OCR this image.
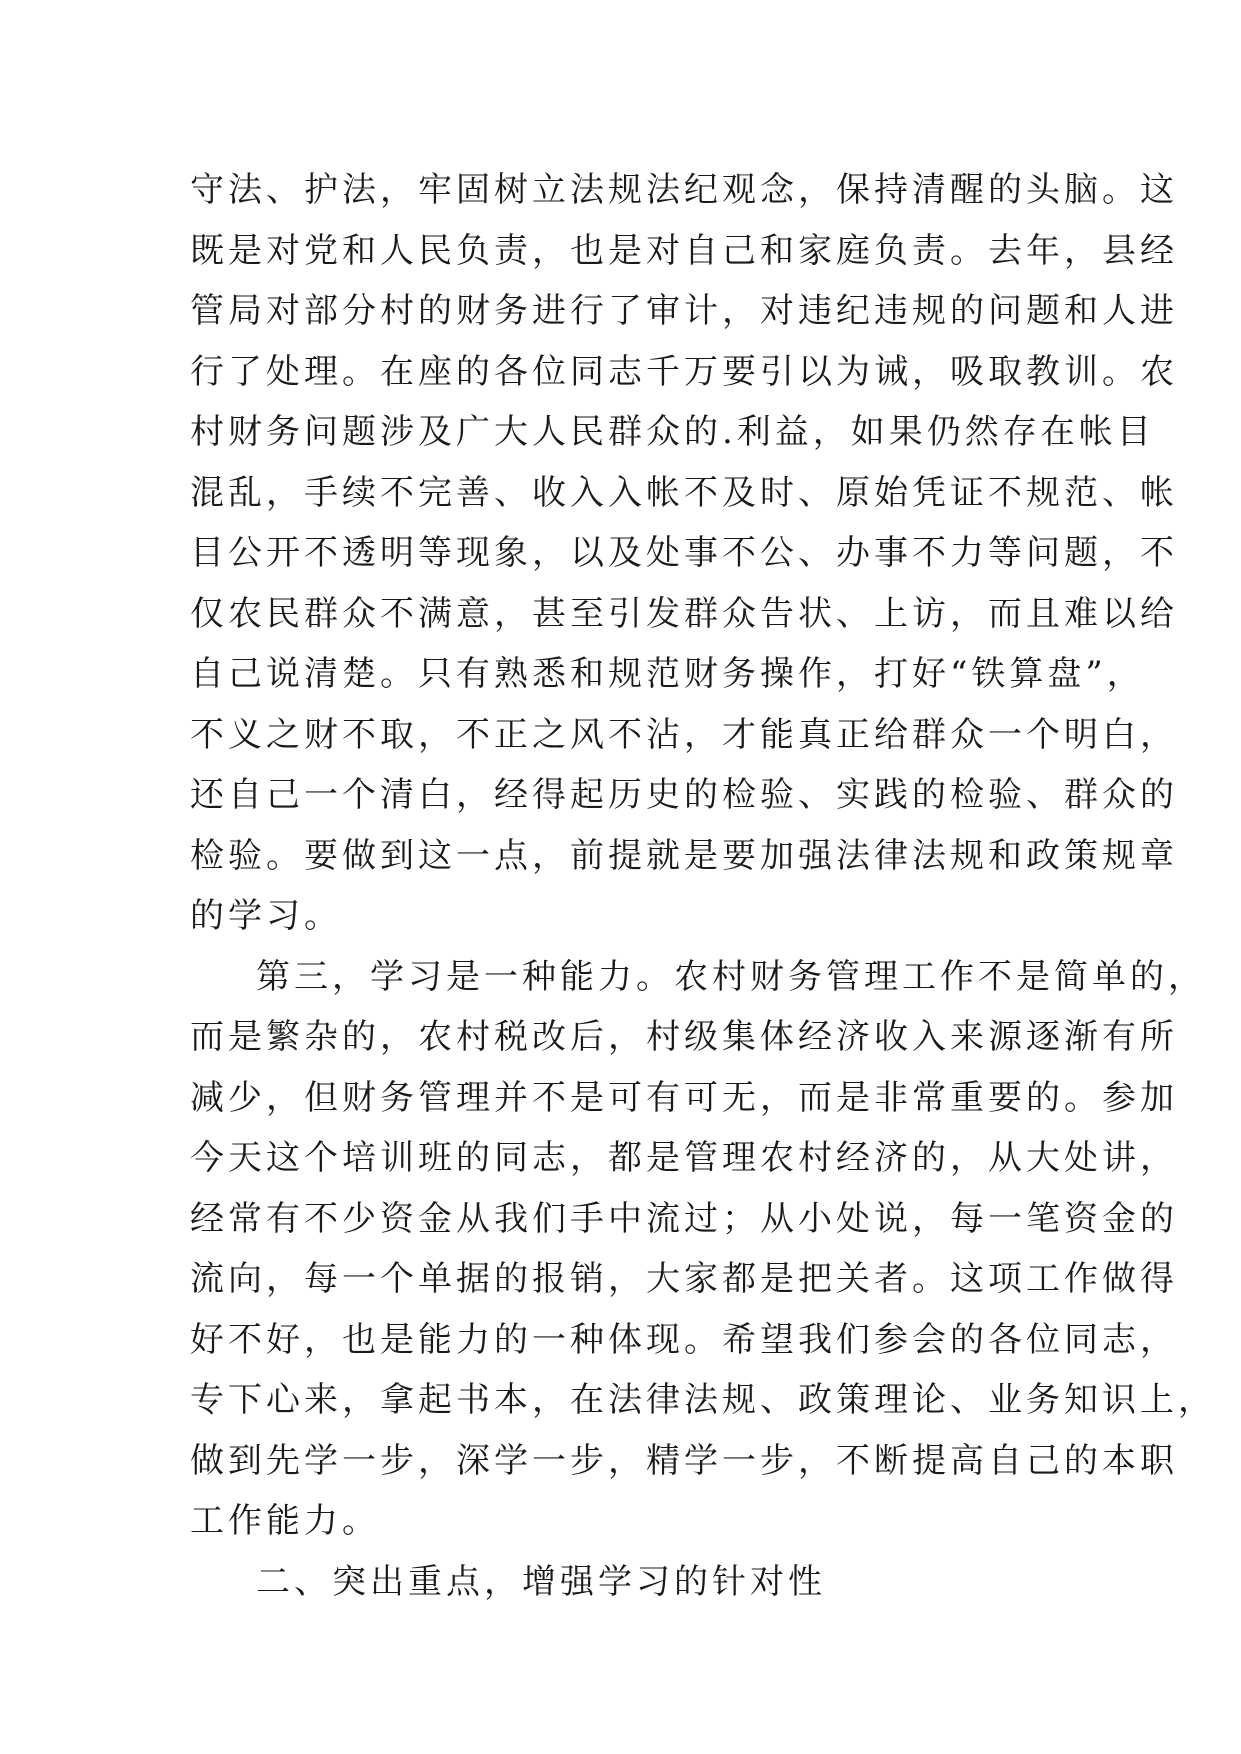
守法、护法，牢固树立法规法纪观念，保持清醒的头脑。这
既是对党和人民负责，也是对自己和家庭负责。去年，县经
管局对部分村的财务进行了审计，对违纪违规的问题和人进
行了处理。在座的各位同志千万要引以为诫，吸取教训。农
村财务问题涉及广大人民群众的.利益，如果仍然存在帐目
混乱，手续不完善、收入入帐不及时、原始凭证不规范、帐
目公开不透明等现象，以及处事不公、办事不力等问题，不
仅农民群众不满意，甚至引发群众告状、上访，而且难以给
自己说清楚。只有熟悉和规范财务操作，打好“铁算盘”，
不义之财不取，不正之风不沾，才能真正给群众一个明白，
还自己一个清白，经得起历史的检验、实践的检验、群众的
检验。要做到这一点，前提就是要加强法律法规和政策规章
的学习。
第三，学习是一种能力。农村财务管理工作不是简单的，
而是繁杂的，农村税改后，村级集体经济收入来源逐渐有所
减少，但财务管理并不是可有可无，而是非常重要的。参加
今天这个培训班的同志，都是管理农村经济的，从大处讲，
经常有不少资金从我们手中流过；从小处说，每一笔资金的
流向，每一个单据的报销，大家都是把关者。这项工作做得
好不好，也是能力的一种体现。希望我们参会的各位同志，
专下心来，拿起书本，在法律法规、政策理论、业务知识上，
做到先学一步，深学一步，精学一步，不断提高自己的本职
工作能力。
二、突出重点，增强学习的针对性
